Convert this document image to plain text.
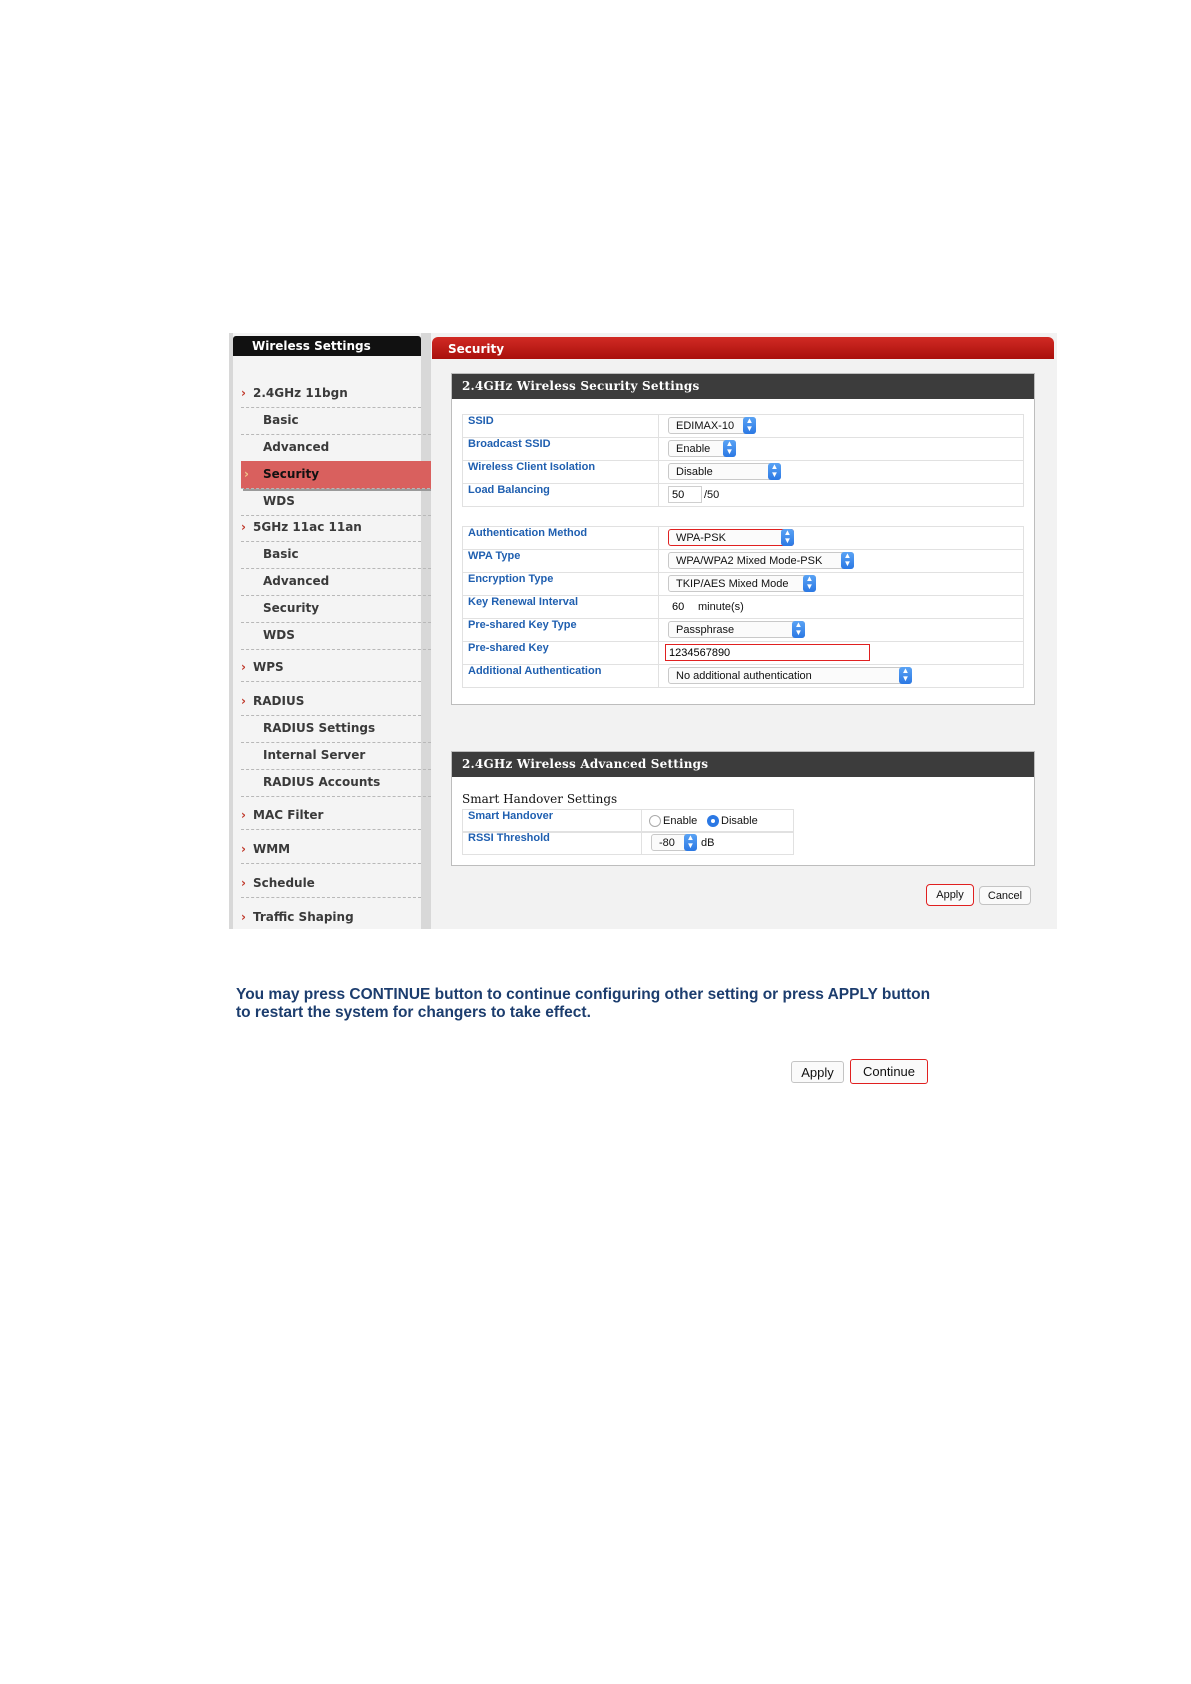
Wireless Settings
› 2.4GHz 11bgn
Basic
Advanced
› Security
WDS
› 5GHz 11ac 11an
Basic
Advanced
Security
WDS
› WPS
› RADIUS
RADIUS Settings
Internal Server
RADIUS Accounts
› MAC Filter
› WMM
› Schedule
› Traffic Shaping
Security
2.4GHz Wireless Security Settings
SSID	EDIMAX-10	▲
▼
Broadcast SSID	Enable	▲
▼
Wireless Client Isolation	Disable	▲
▼
Load Balancing	50	/50
Authentication Method	WPA-PSK	▲
▼
WPA Type	WPA/WPA2 Mixed Mode-PSK	▲
▼
Encryption Type	TKIP/AES Mixed Mode	▲
▼
Key Renewal Interval	60	minute(s)
Pre-shared Key Type	Passphrase	▲
▼
Pre-shared Key	1234567890
Additional Authentication	No additional authentication	▲
▼
2.4GHz Wireless Advanced Settings
Smart Handover Settings
Smart Handover	Enable Disable
RSSI Threshold	-80	▲
▼ dB
Apply	Cancel
You may press CONTINUE button to continue configuring other setting or press APPLY button to restart the system for changers to take effect.
Apply	Continue
